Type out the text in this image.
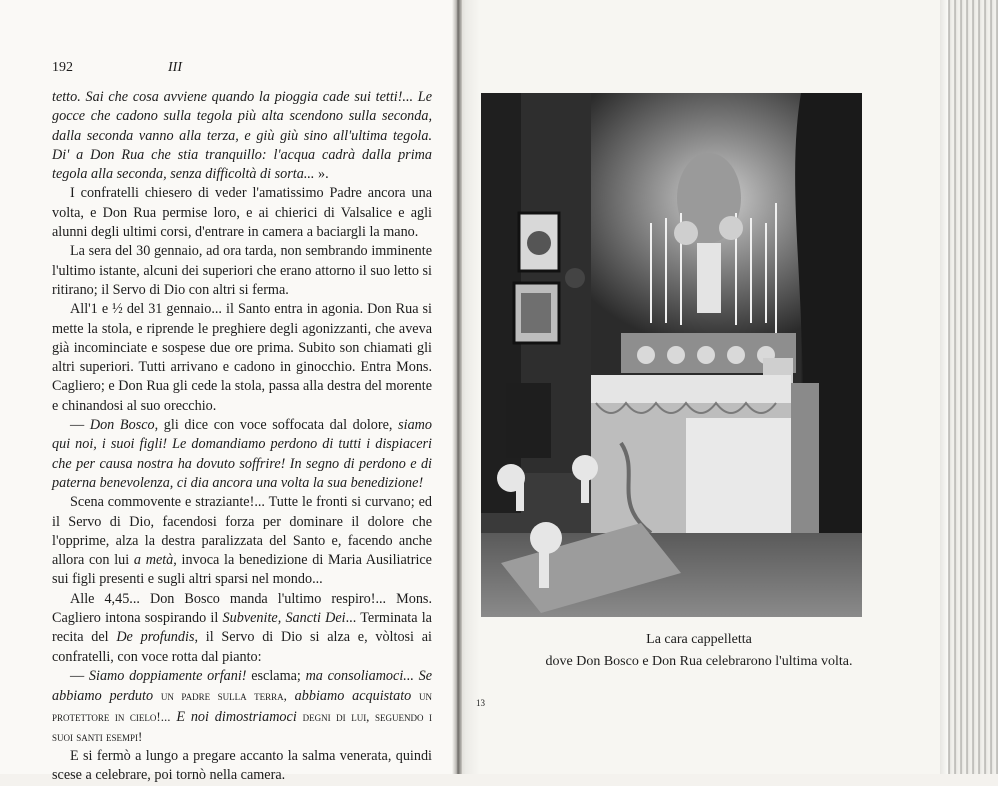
192	III

tetto. Sai che cosa avviene quando la pioggia cade sui tetti!... Le gocce che cadono sulla tegola più alta scendono sulla seconda, dalla seconda vanno alla terza, e giù giù sino all'ultima tegola. Di' a Don Rua che stia tranquillo: l'acqua cadrà dalla prima tegola alla seconda, senza difficoltà di sorta... ».

I confratelli chiesero di veder l'amatissimo Padre ancora una volta, e Don Rua permise loro, e ai chierici di Valsalice e agli alunni degli ultimi corsi, d'entrare in camera a baciargli la mano.

La sera del 30 gennaio, ad ora tarda, non sembrando imminente l'ultimo istante, alcuni dei superiori che erano attorno il suo letto si ritirano; il Servo di Dio con altri si ferma.

All'1 e ½ del 31 gennaio... il Santo entra in agonia. Don Rua si mette la stola, e riprende le preghiere degli agonizzanti, che aveva già incominciate e sospese due ore prima. Subito son chiamati gli altri superiori. Tutti arrivano e cadono in ginocchio. Entra Mons. Cagliero; e Don Rua gli cede la stola, passa alla destra del morente e chinandosi al suo orecchio.

— Don Bosco, gli dice con voce soffocata dal dolore, siamo qui noi, i suoi figli! Le domandiamo perdono di tutti i dispiaceri che per causa nostra ha dovuto soffrire! In segno di perdono e di paterna benevolenza, ci dia ancora una volta la sua benedizione!

Scena commovente e straziante!... Tutte le fronti si curvano; ed il Servo di Dio, facendosi forza per dominare il dolore che l'opprime, alza la destra paralizzata del Santo e, facendo anche allora con lui a metà, invoca la benedizione di Maria Ausiliatrice sui figli presenti e sugli altri sparsi nel mondo...

Alle 4,45... Don Bosco manda l'ultimo respiro!... Mons. Cagliero intona sospirando il Subvenite, Sancti Dei... Terminata la recita del De profundis, il Servo di Dio si alza e, vòltosi ai confratelli, con voce rotta dal pianto:

— Siamo doppiamente orfani! esclama; ma consoliamoci... Se abbiamo perduto un padre sulla terra, abbiamo acquistato un protettore in cielo!... E noi dimostriamoci degni di lui, seguendo i suoi santi esempi!

E si fermò a lungo a pregare accanto la salma venerata, quindi scese a celebrare, poi tornò nella camera.

La cara cappelletta
dove Don Bosco e Don Rua celebrarono l'ultima volta.
13
